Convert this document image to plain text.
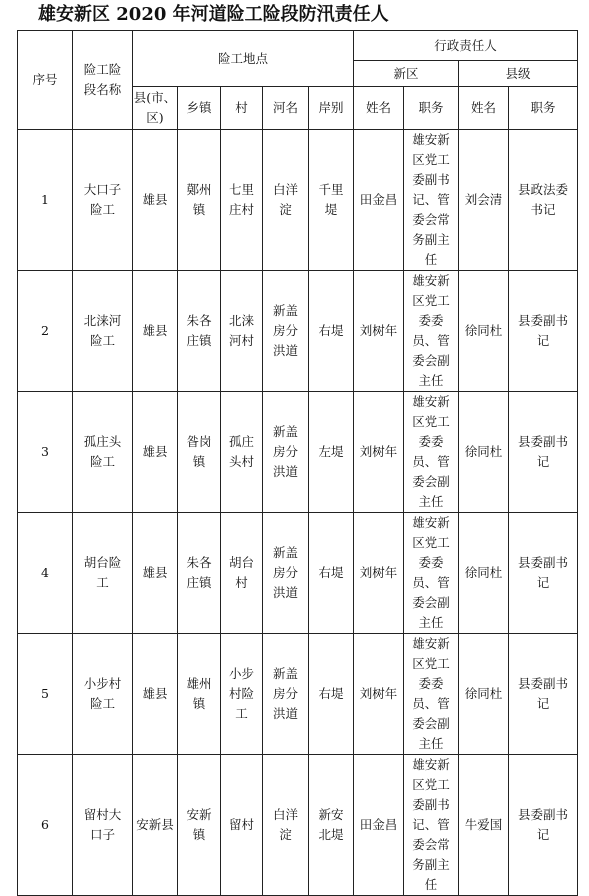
雄安新区 2020 年河道险工险段防汛责任人
序号	险工险段名称	险工地点					行政责任人			
							新区		县级	
		县(市、区)	乡镇	村	河名	岸别	姓名	职务	姓名	职务
1	大口子险工	雄县	鄚州镇	七里庄村	白洋淀	千里堤	田金昌	雄安新区党工委副书记、管委会常务副主任	刘会清	县政法委书记
2	北涞河险工	雄县	朱各庄镇	北涞河村	新盖房分洪道	右堤	刘树年	雄安新区党工委委员、管委会副主任	徐同杜	县委副书记
3	孤庄头险工	雄县	昝岗镇	孤庄头村	新盖房分洪道	左堤	刘树年	雄安新区党工委委员、管委会副主任	徐同杜	县委副书记
4	胡台险工	雄县	朱各庄镇	胡台村	新盖房分洪道	右堤	刘树年	雄安新区党工委委员、管委会副主任	徐同杜	县委副书记
5	小步村险工	雄县	雄州镇	小步村险工	新盖房分洪道	右堤	刘树年	雄安新区党工委委员、管委会副主任	徐同杜	县委副书记
6	留村大口子	安新县	安新镇	留村	白洋淀	新安北堤	田金昌	雄安新区党工委副书记、管委会常务副主任	牛爱国	县委副书记
